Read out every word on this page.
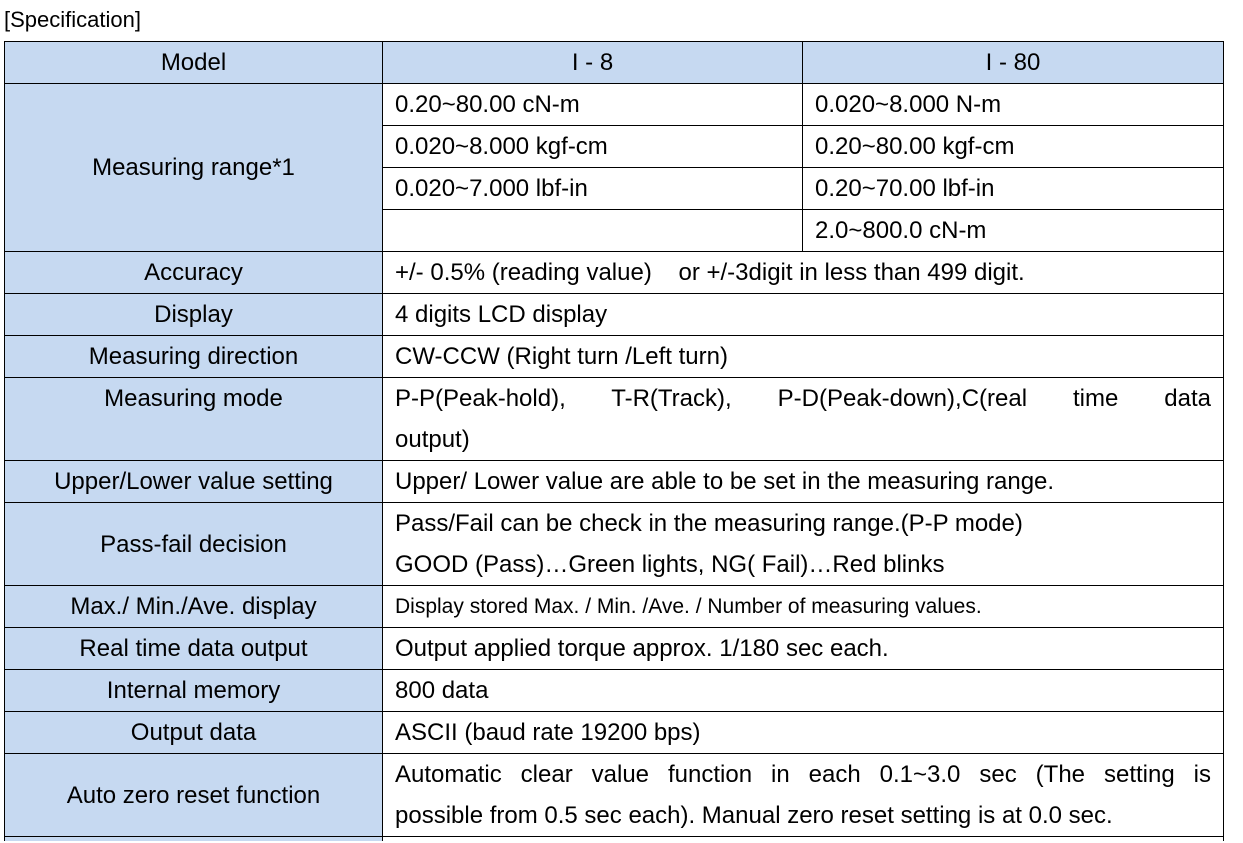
[Specification]
Model	I - 8	I - 80
Measuring range*1	0.20~80.00 cN-m	0.020~8.000 N-m
	0.020~8.000 kgf-cm	0.20~80.00 kgf-cm
	0.020~7.000 lbf-in	0.20~70.00 lbf-in
		2.0~800.0 cN-m
Accuracy	+/- 0.5% (reading value)    or +/-3digit in less than 499 digit.	
Display	4 digits LCD display	
Measuring direction	CW-CCW (Right turn /Left turn)	
Measuring mode	P-P(Peak-hold), T-R(Track), P-D(Peak-down),C(real time data
output)	

Upper/Lower value setting	Upper/ Lower value are able to be set in the measuring range.	
Pass-fail decision	Pass/Fail can be check in the measuring range.(P-P mode)
GOOD (Pass)…Green lights, NG( Fail)…Red blinks	

Max./ Min./Ave. display	Display stored Max. / Min. /Ave. / Number of measuring values.	
Real time data output	Output applied torque approx. 1/180 sec each.	
Internal memory	800 data	
Output data	ASCII (baud rate 19200 bps)	
Auto zero reset function	Automatic clear value function in each 0.1~3.0 sec (The setting is
possible from 0.5 sec each). Manual zero reset setting is at 0.0 sec.	
